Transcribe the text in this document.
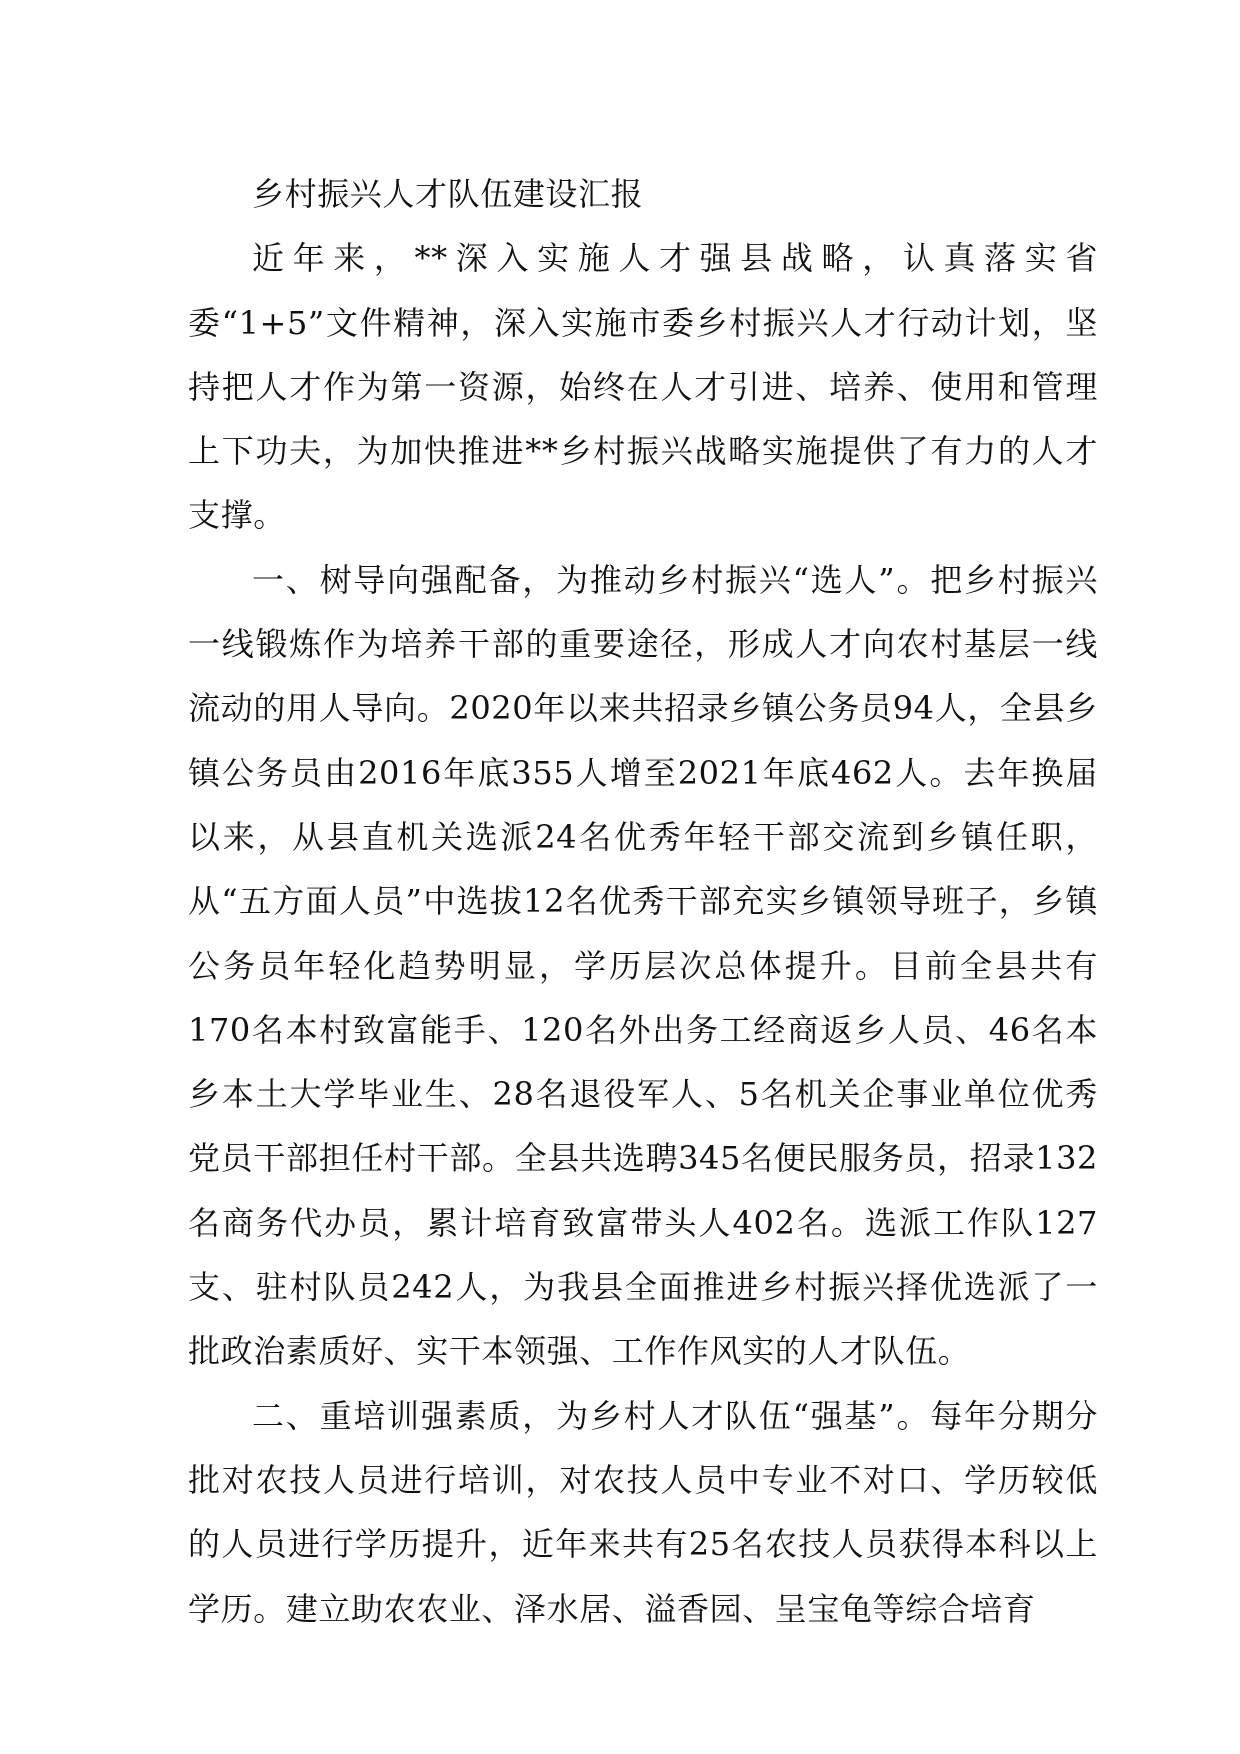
乡村振兴人才队伍建设汇报

近年来，**深入实施人才强县战略，认真落实省委“1+5”文件精神，深入实施市委乡村振兴人才行动计划，坚持把人才作为第一资源，始终在人才引进、培养、使用和管理上下功夫，为加快推进**乡村振兴战略实施提供了有力的人才支撑。

一、树导向强配备，为推动乡村振兴“选人”。把乡村振兴一线锻炼作为培养干部的重要途径，形成人才向农村基层一线流动的用人导向。2020年以来共招录乡镇公务员94人，全县乡镇公务员由2016年底355人增至2021年底462人。去年换届以来，从县直机关选派24名优秀年轻干部交流到乡镇任职，从“五方面人员”中选拔12名优秀干部充实乡镇领导班子，乡镇公务员年轻化趋势明显，学历层次总体提升。目前全县共有170名本村致富能手、120名外出务工经商返乡人员、46名本乡本土大学毕业生、28名退役军人、5名机关企事业单位优秀党员干部担任村干部。全县共选聘345名便民服务员，招录132名商务代办员，累计培育致富带头人402名。选派工作队127支、驻村队员242人，为我县全面推进乡村振兴择优选派了一批政治素质好、实干本领强、工作作风实的人才队伍。

二、重培训强素质，为乡村人才队伍“强基”。每年分期分批对农技人员进行培训，对农技人员中专业不对口、学历较低的人员进行学历提升，近年来共有25名农技人员获得本科以上学历。建立助农农业、泽水居、溢香园、呈宝龟等综合培育
